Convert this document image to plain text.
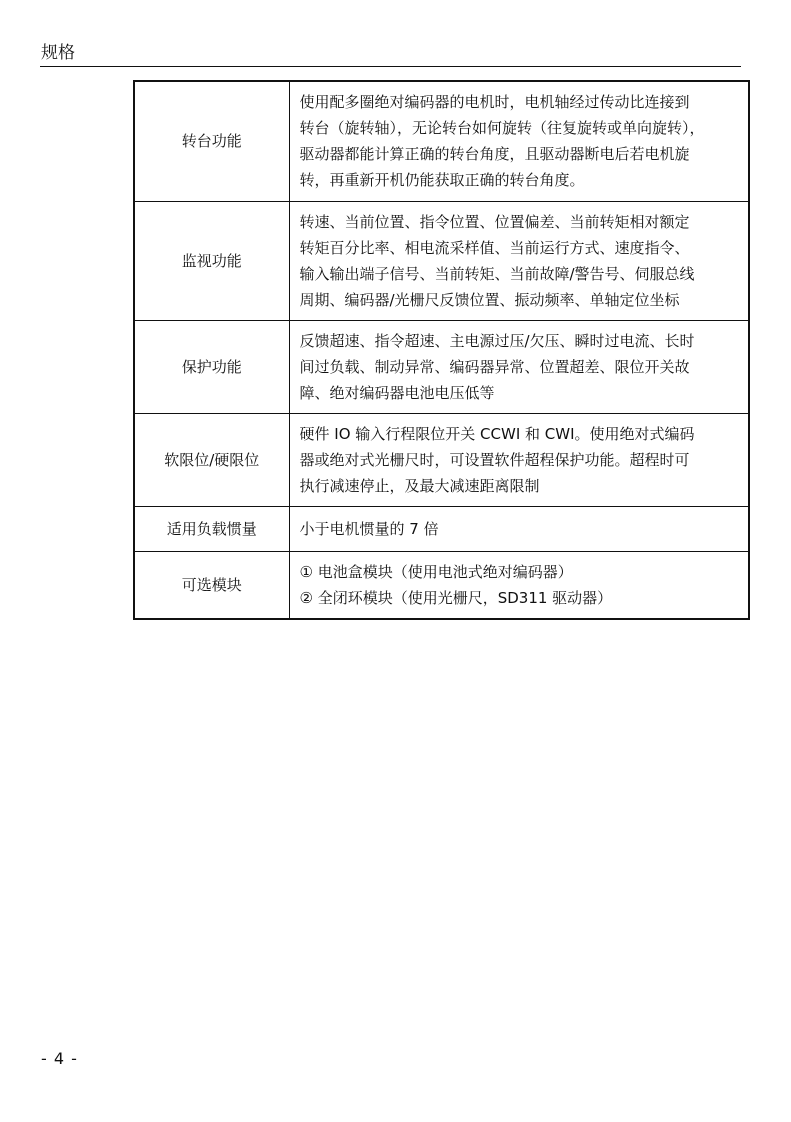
规格
转台功能	使用配多圈绝对编码器的电机时，电机轴经过传动比连接到
转台（旋转轴），无论转台如何旋转（往复旋转或单向旋转），
驱动器都能计算正确的转台角度，且驱动器断电后若电机旋
转，再重新开机仍能获取正确的转台角度。

监视功能	转速、当前位置、指令位置、位置偏差、当前转矩相对额定
转矩百分比率、相电流采样值、当前运行方式、速度指令、
输入输出端子信号、当前转矩、当前故障/警告号、伺服总线
周期、编码器/光栅尺反馈位置、振动频率、单轴定位坐标

保护功能	反馈超速、指令超速、主电源过压/欠压、瞬时过电流、长时
间过负载、制动异常、编码器异常、位置超差、限位开关故
障、绝对编码器电池电压低等

软限位/硬限位	硬件 IO 输入行程限位开关 CCWI 和 CWI。使用绝对式编码
器或绝对式光栅尺时，可设置软件超程保护功能。超程时可
执行减速停止，及最大减速距离限制

适用负载惯量	小于电机惯量的 7 倍

可选模块	① 电池盒模块（使用电池式绝对编码器）
② 全闭环模块（使用光栅尺，SD311 驱动器）
- 4 -
